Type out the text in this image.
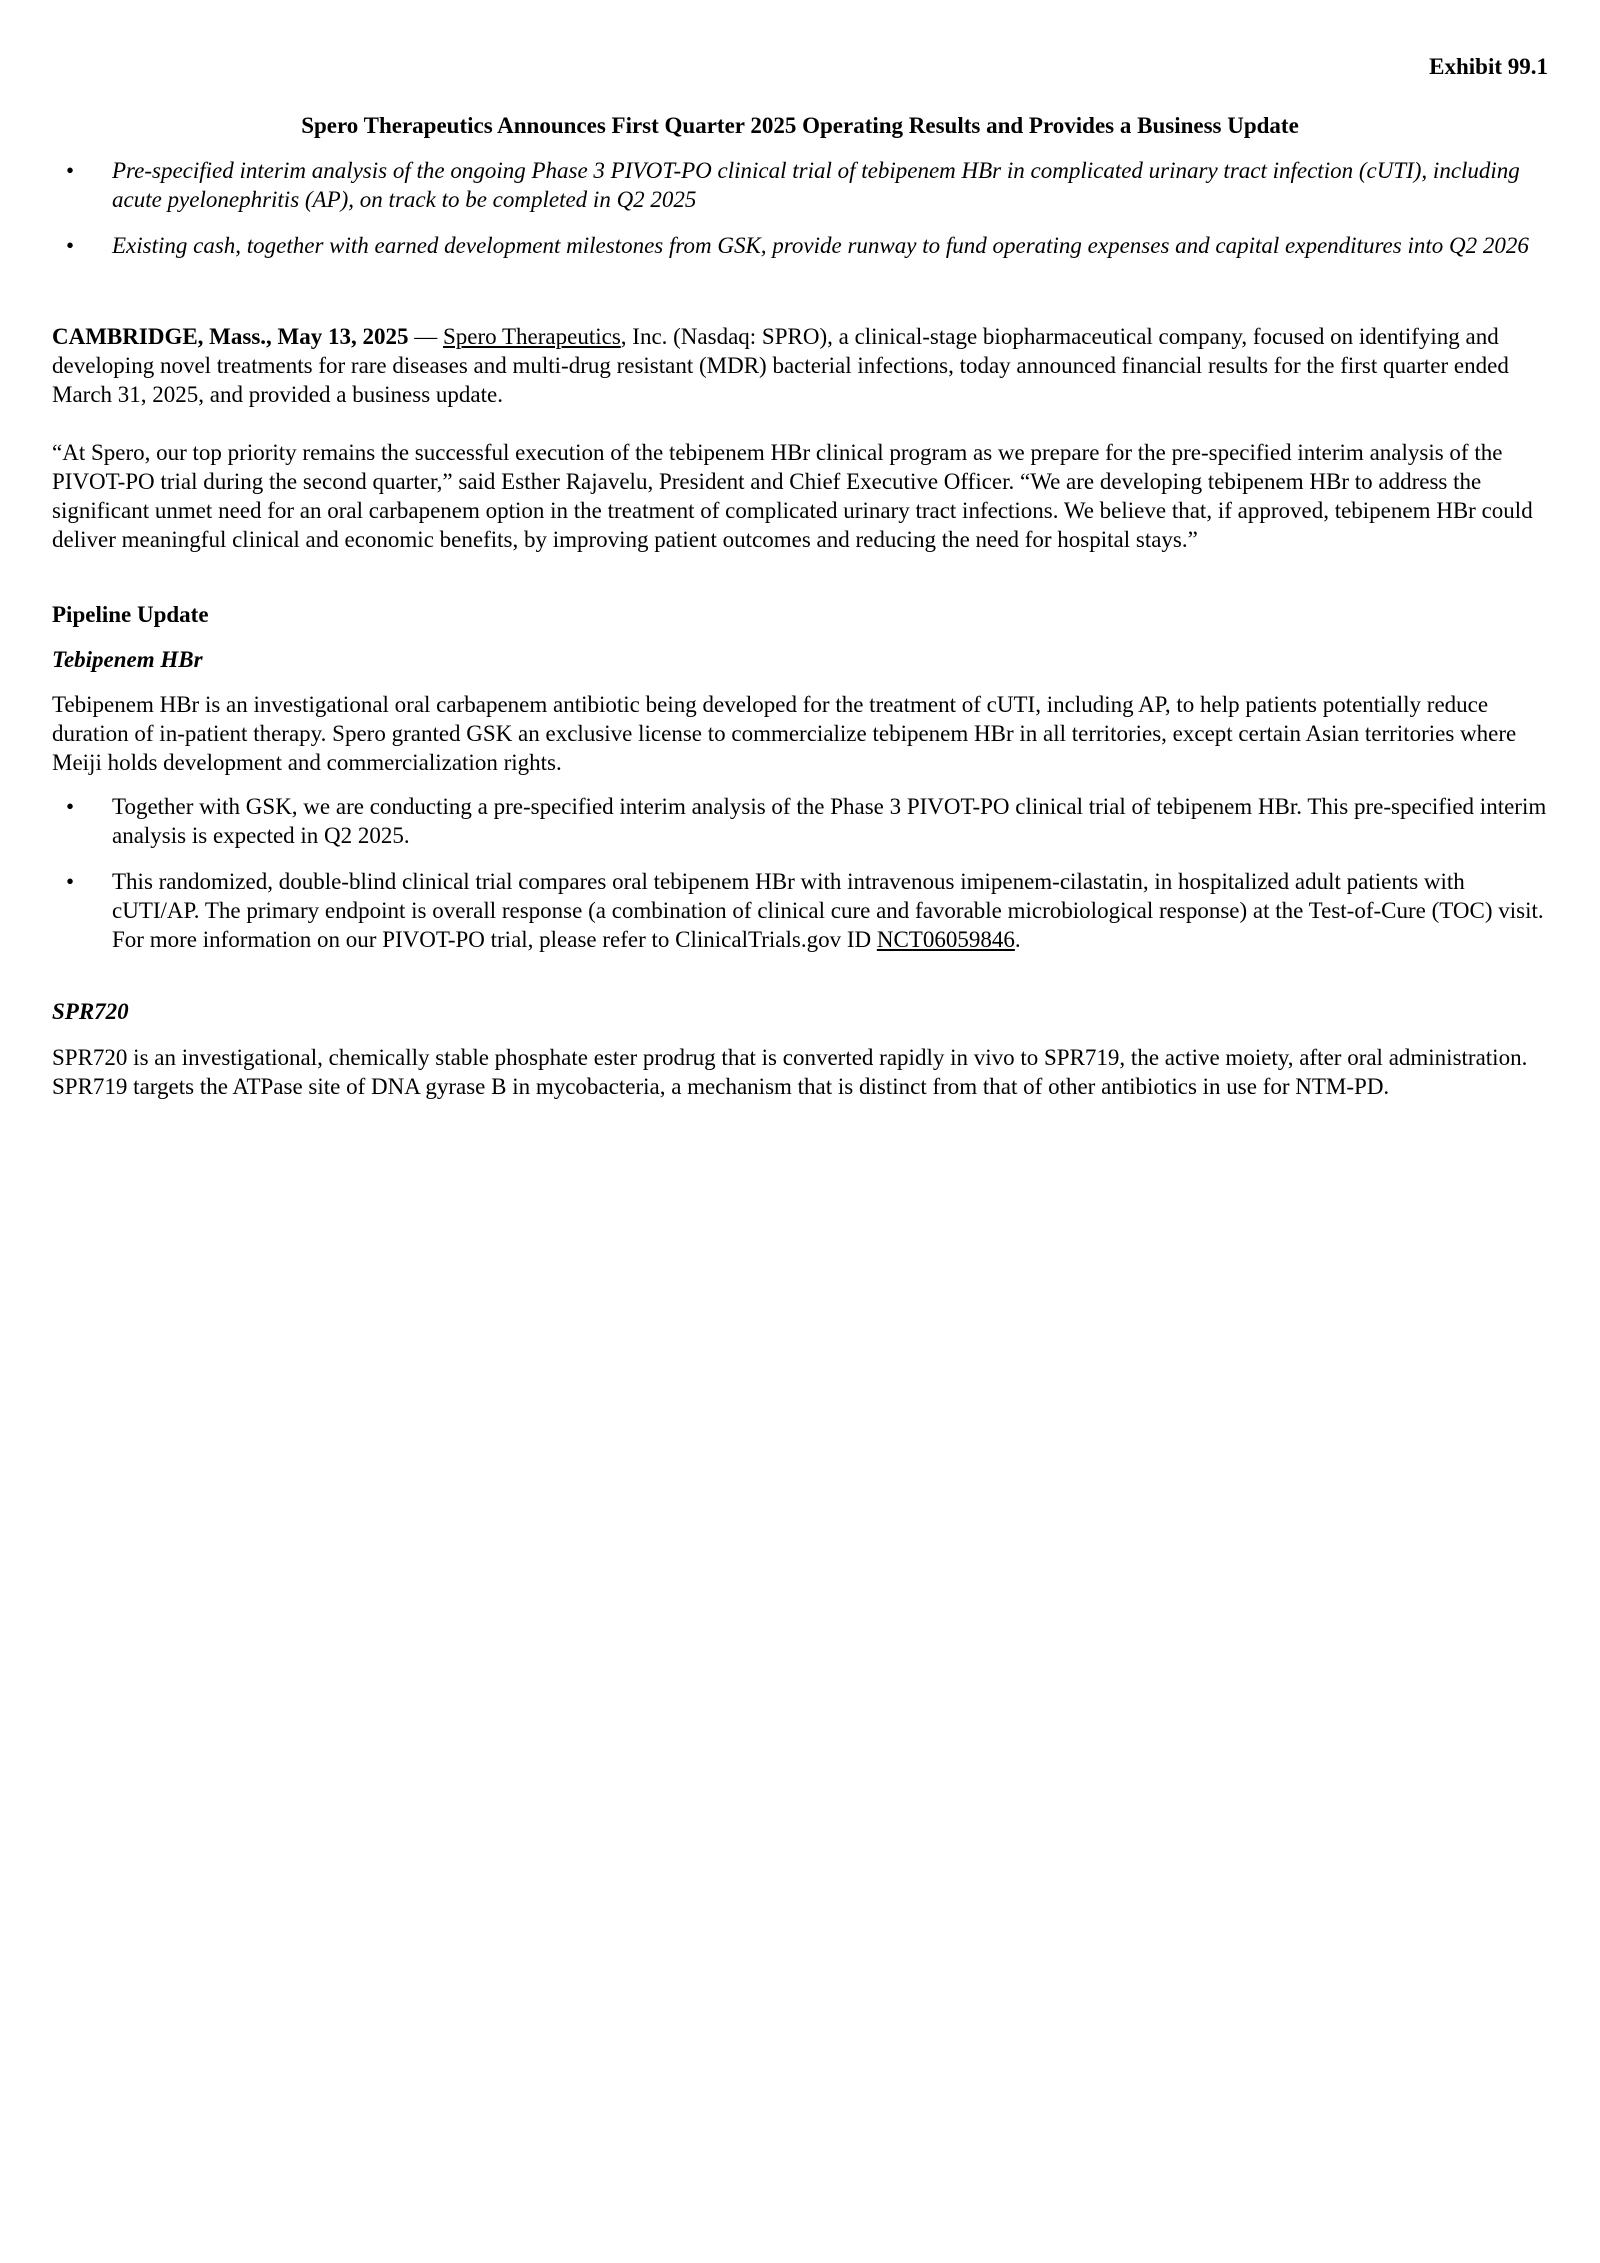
Exhibit 99.1
Spero Therapeutics Announces First Quarter 2025 Operating Results and Provides a Business Update
• Pre-specified interim analysis of the ongoing Phase 3 PIVOT-PO clinical trial of tebipenem HBr in complicated urinary tract infection (cUTI), including acute pyelonephritis (AP), on track to be completed in Q2 2025
• Existing cash, together with earned development milestones from GSK, provide runway to fund operating expenses and capital expenditures into Q2 2026

CAMBRIDGE, Mass., May 13, 2025 — Spero Therapeutics, Inc. (Nasdaq: SPRO), a clinical-stage biopharmaceutical company, focused on identifying and developing novel treatments for rare diseases and multi-drug resistant (MDR) bacterial infections, today announced financial results for the first quarter ended March 31, 2025, and provided a business update.

“At Spero, our top priority remains the successful execution of the tebipenem HBr clinical program as we prepare for the pre-specified interim analysis of the PIVOT-PO trial during the second quarter,” said Esther Rajavelu, President and Chief Executive Officer. “We are developing tebipenem HBr to address the significant unmet need for an oral carbapenem option in the treatment of complicated urinary tract infections. We believe that, if approved, tebipenem HBr could deliver meaningful clinical and economic benefits, by improving patient outcomes and reducing the need for hospital stays.”

Pipeline Update
Tebipenem HBr

Tebipenem HBr is an investigational oral carbapenem antibiotic being developed for the treatment of cUTI, including AP, to help patients potentially reduce duration of in-patient therapy. Spero granted GSK an exclusive license to commercialize tebipenem HBr in all territories, except certain Asian territories where Meiji holds development and commercialization rights.

• Together with GSK, we are conducting a pre-specified interim analysis of the Phase 3 PIVOT-PO clinical trial of tebipenem HBr. This pre-specified interim analysis is expected in Q2 2025.
• This randomized, double-blind clinical trial compares oral tebipenem HBr with intravenous imipenem-cilastatin, in hospitalized adult patients with cUTI/AP. The primary endpoint is overall response (a combination of clinical cure and favorable microbiological response) at the Test-of-Cure (TOC) visit. For more information on our PIVOT-PO trial, please refer to ClinicalTrials.gov ID NCT06059846.
SPR720

SPR720 is an investigational, chemically stable phosphate ester prodrug that is converted rapidly in vivo to SPR719, the active moiety, after oral administration. SPR719 targets the ATPase site of DNA gyrase B in mycobacteria, a mechanism that is distinct from that of other antibiotics in use for NTM-PD.
